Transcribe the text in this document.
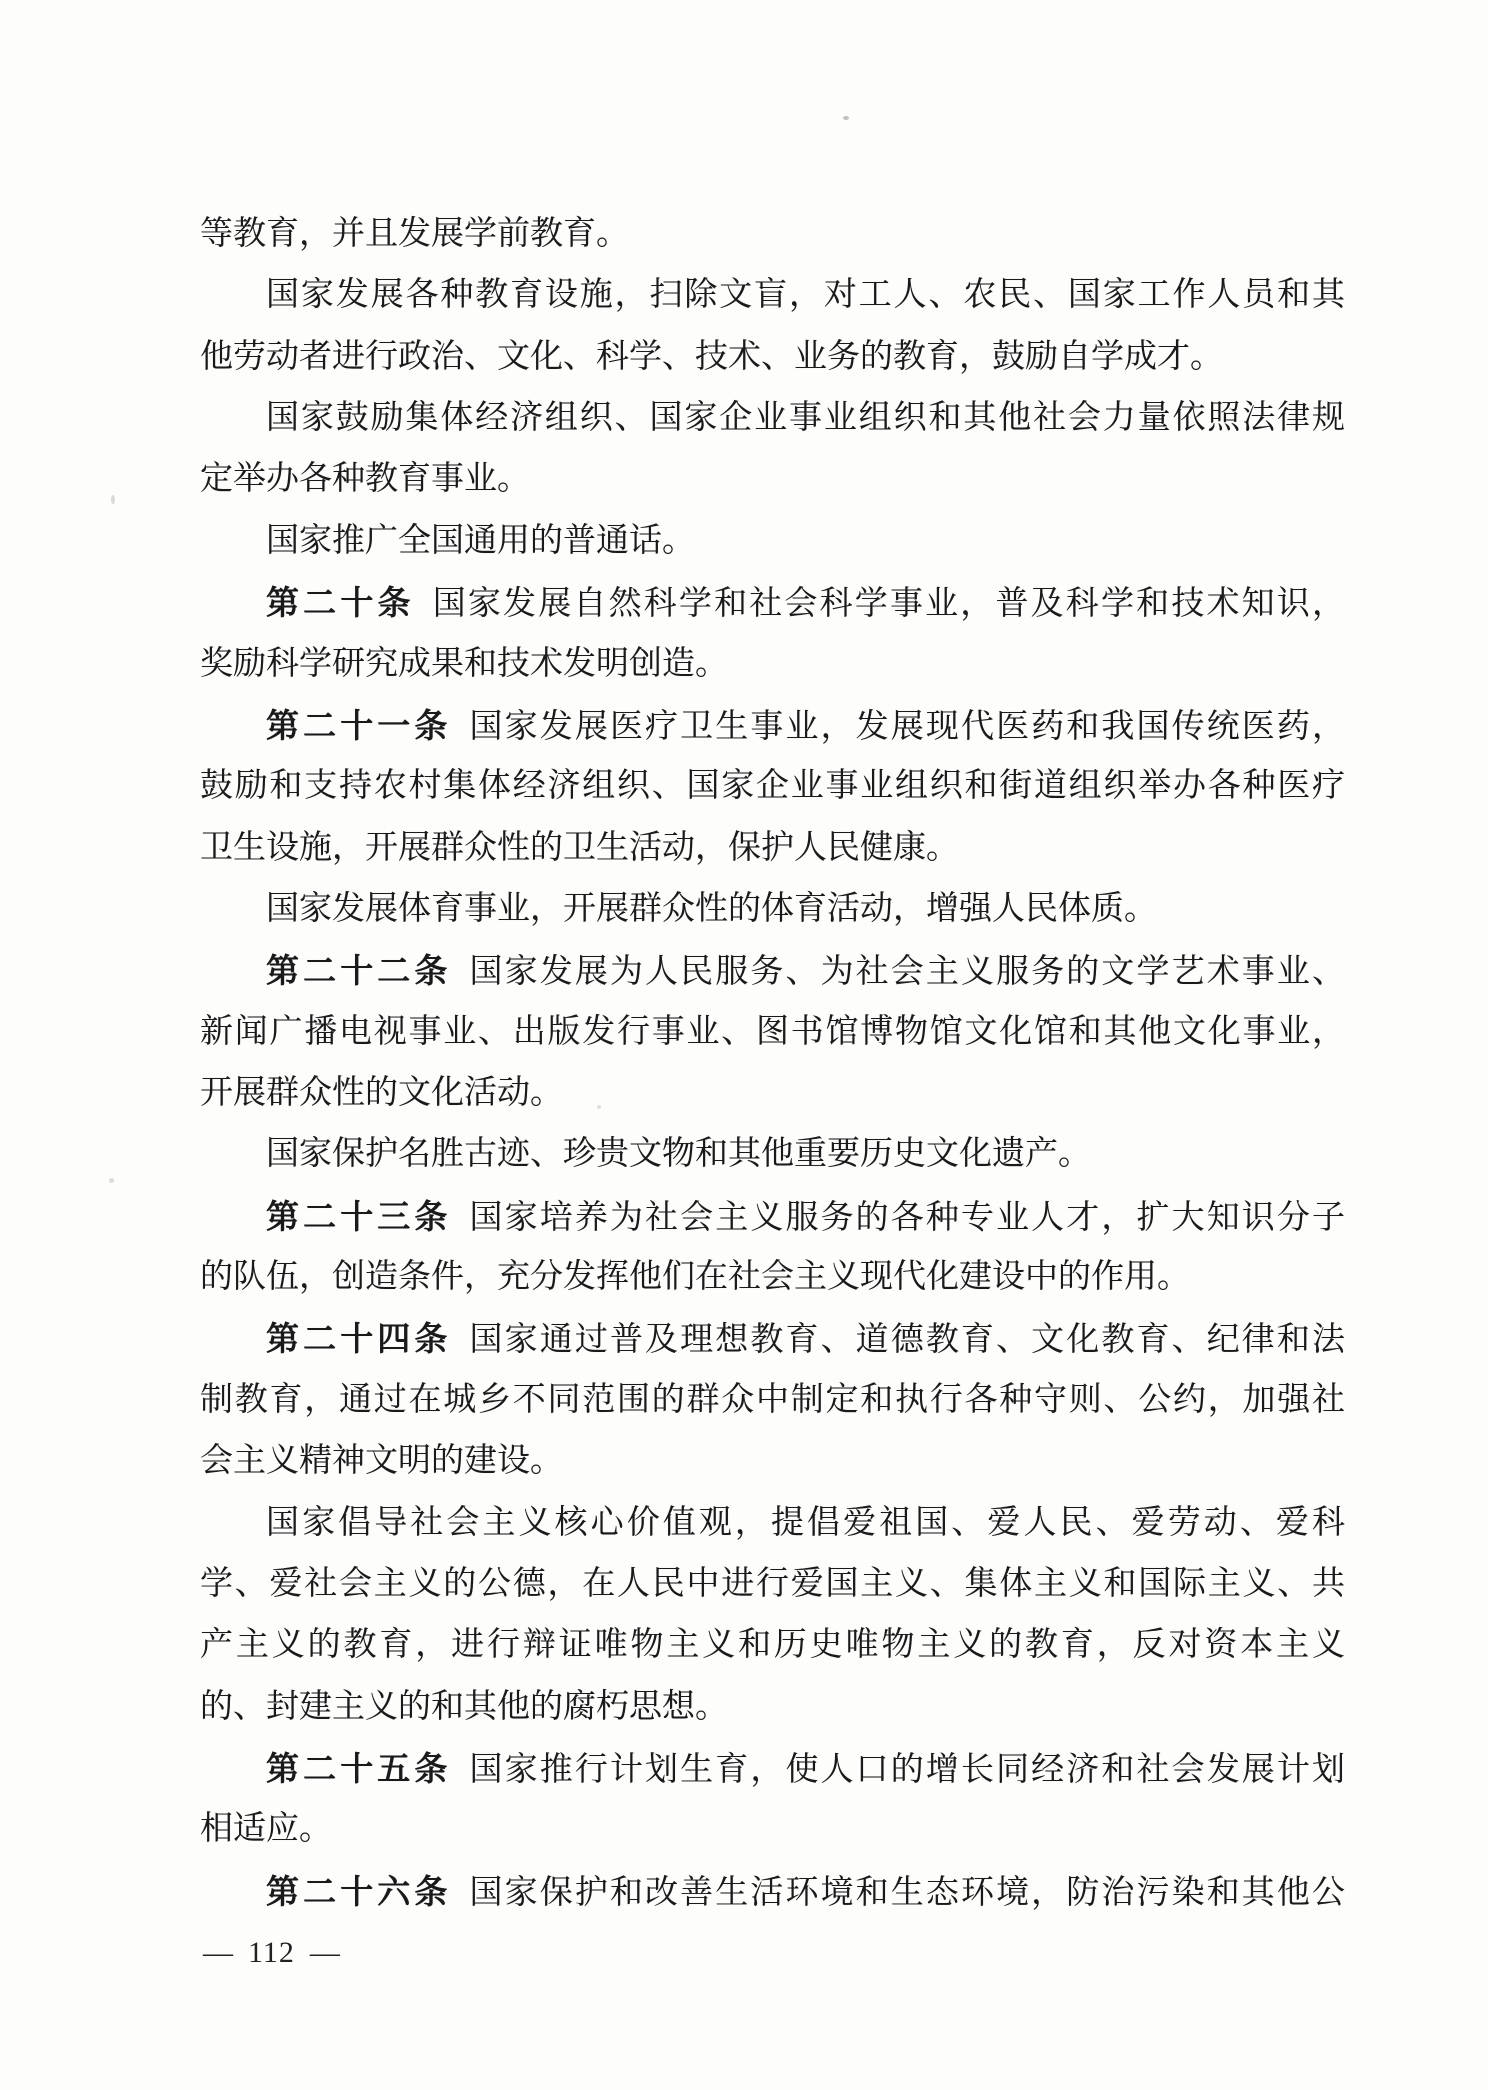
等教育，并且发展学前教育。
国家发展各种教育设施，扫除文盲，对工人、农民、国家工作人员和其
他劳动者进行政治、文化、科学、技术、业务的教育，鼓励自学成才。
国家鼓励集体经济组织、国家企业事业组织和其他社会力量依照法律规
定举办各种教育事业。
国家推广全国通用的普通话。
第二十条 国家发展自然科学和社会科学事业，普及科学和技术知识，
奖励科学研究成果和技术发明创造。
第二十一条 国家发展医疗卫生事业，发展现代医药和我国传统医药，
鼓励和支持农村集体经济组织、国家企业事业组织和街道组织举办各种医疗
卫生设施，开展群众性的卫生活动，保护人民健康。
国家发展体育事业，开展群众性的体育活动，增强人民体质。
第二十二条 国家发展为人民服务、为社会主义服务的文学艺术事业、
新闻广播电视事业、出版发行事业、图书馆博物馆文化馆和其他文化事业，
开展群众性的文化活动。
国家保护名胜古迹、珍贵文物和其他重要历史文化遗产。
第二十三条 国家培养为社会主义服务的各种专业人才，扩大知识分子
的队伍，创造条件，充分发挥他们在社会主义现代化建设中的作用。
第二十四条 国家通过普及理想教育、道德教育、文化教育、纪律和法
制教育，通过在城乡不同范围的群众中制定和执行各种守则、公约，加强社
会主义精神文明的建设。
国家倡导社会主义核心价值观，提倡爱祖国、爱人民、爱劳动、爱科
学、爱社会主义的公德，在人民中进行爱国主义、集体主义和国际主义、共
产主义的教育，进行辩证唯物主义和历史唯物主义的教育，反对资本主义
的、封建主义的和其他的腐朽思想。
第二十五条 国家推行计划生育，使人口的增长同经济和社会发展计划
相适应。
第二十六条 国家保护和改善生活环境和生态环境，防治污染和其他公
— 112 —
